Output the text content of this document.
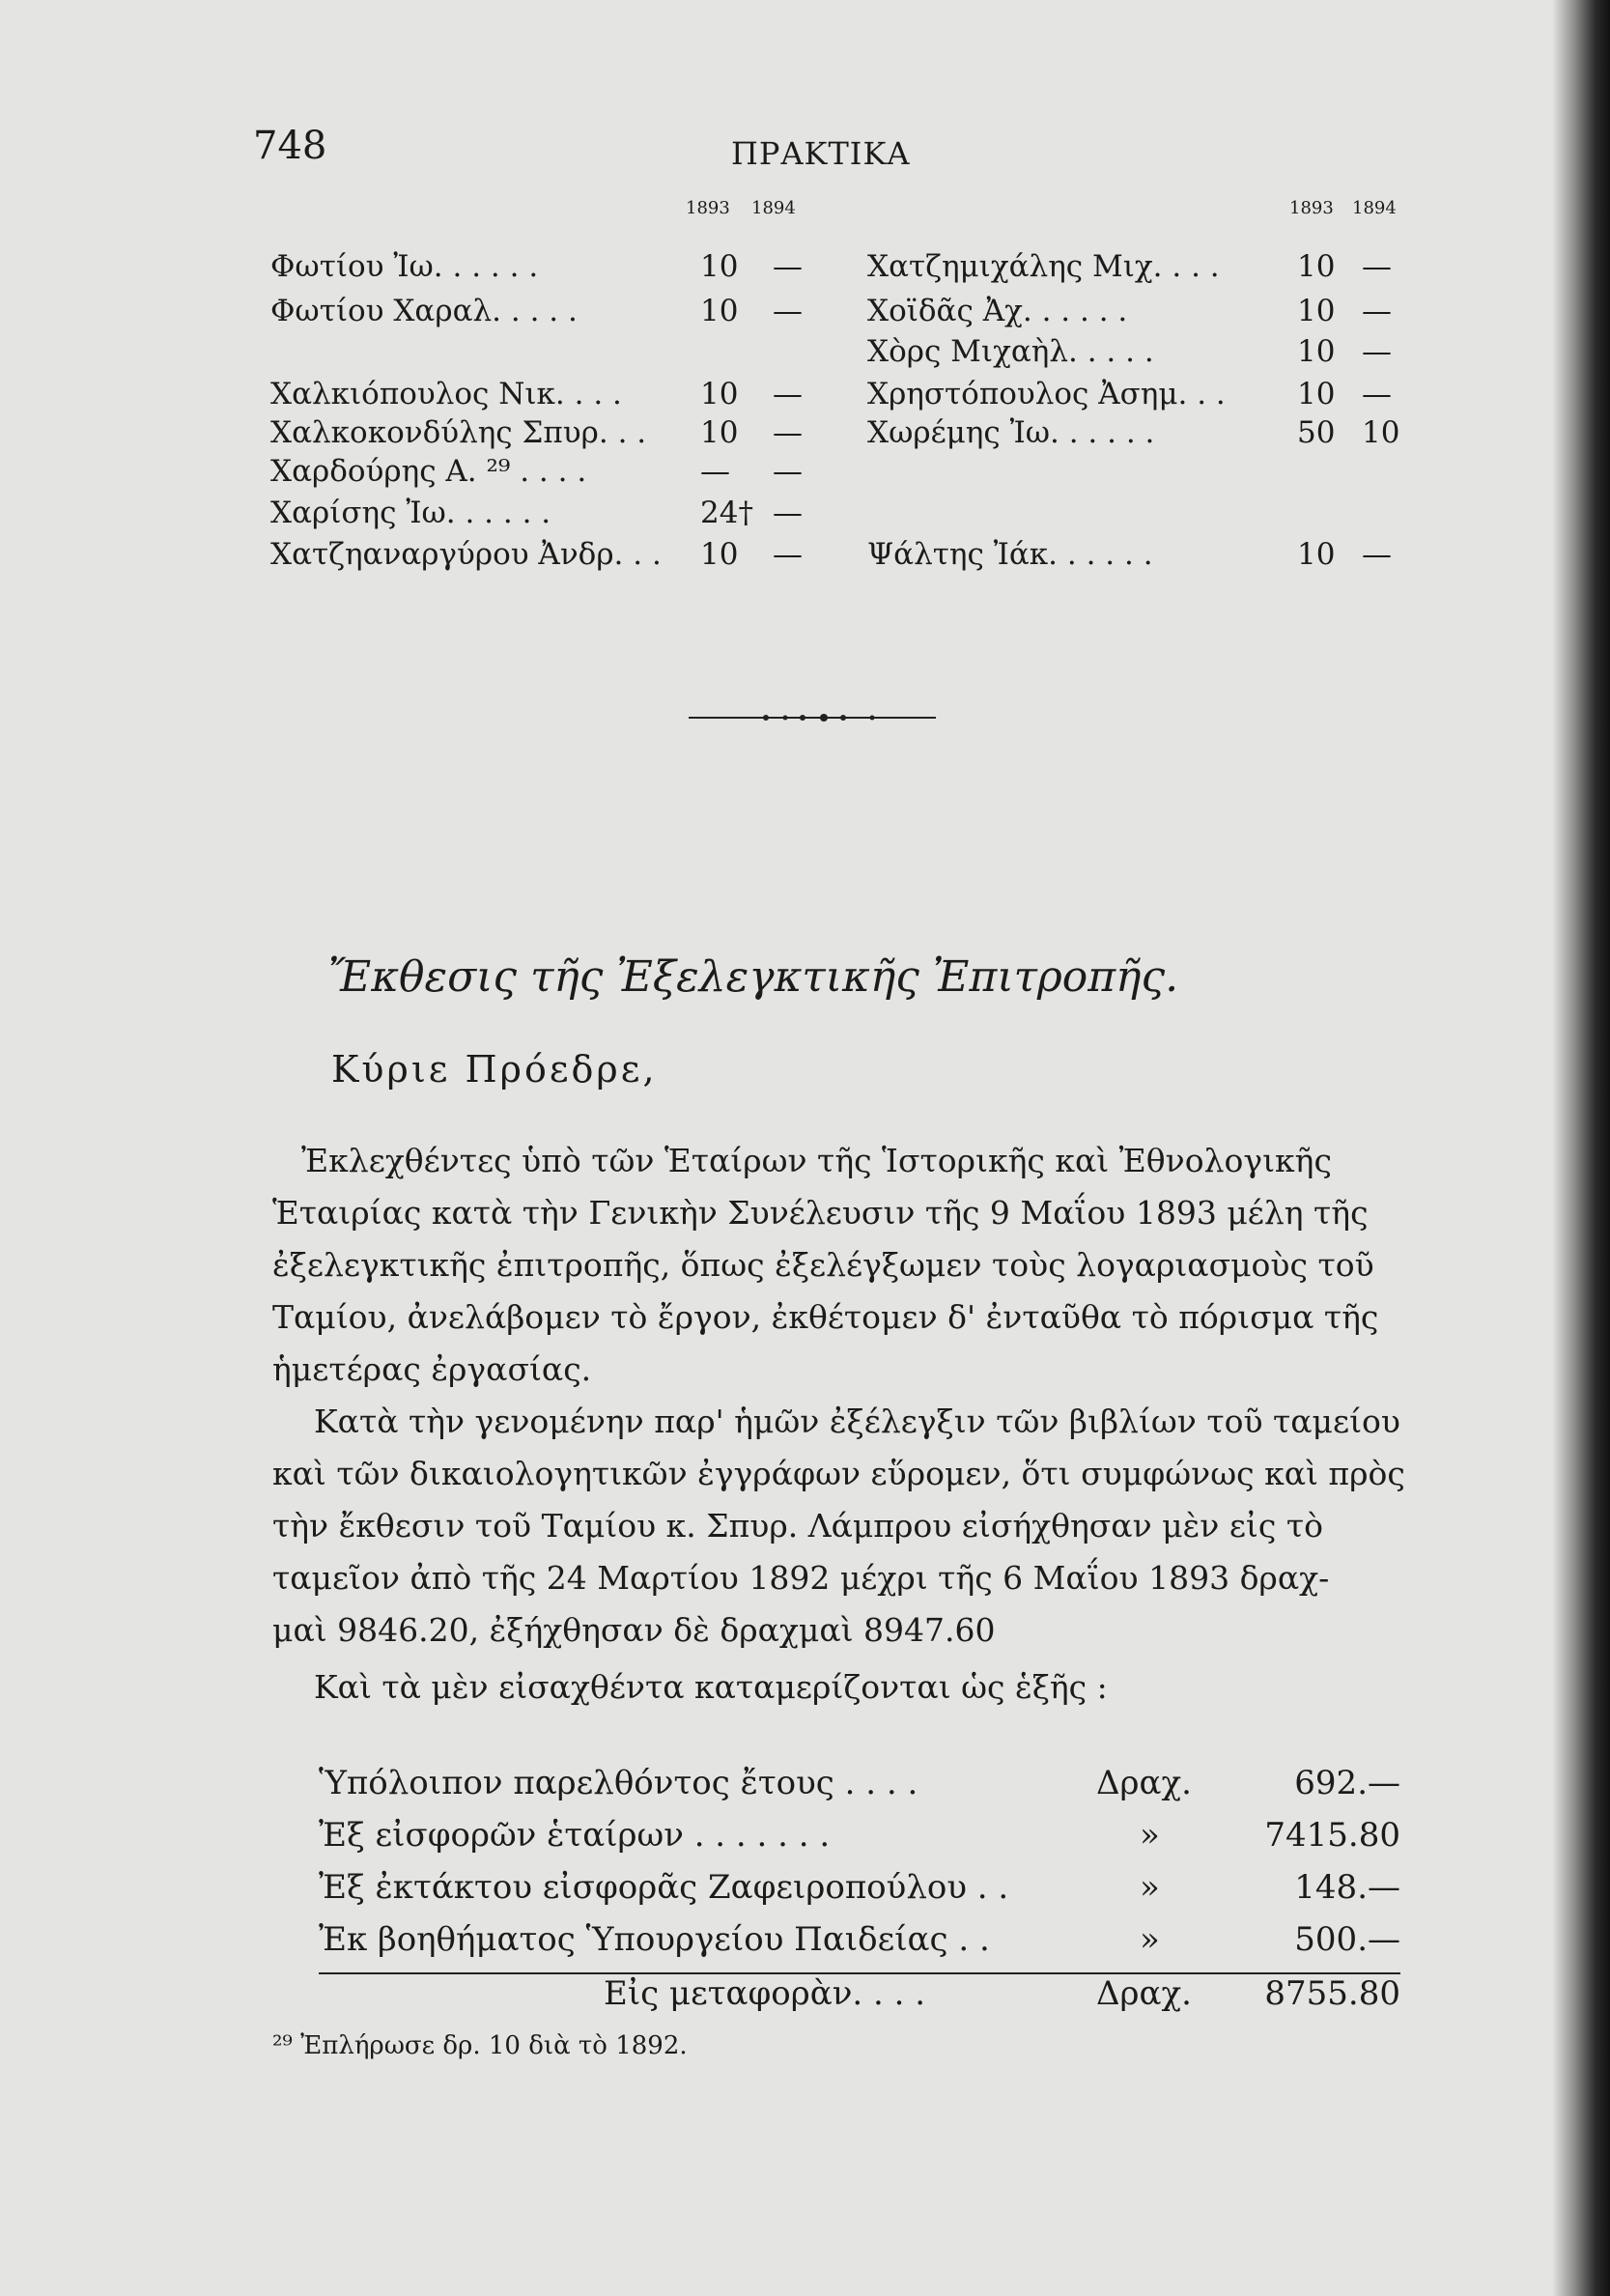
748	ΠΡΑΚΤΙΚΑ
1893 1894	1893 1894
Φωτίου Ἰω. . . . . .	10 —
Φωτίου Χαραλ. . . . .	10 —
Χαλκιόπουλος Νικ. . . .	10 —
Χαλκοκονδύλης Σπυρ. . . 10 —
Χαρδούρης Α. ²⁹ . . . .	— —
Χαρίσης Ἰω. . . . . .	24† —
Χατζηαναργύρου Ἀνδρ. . . 10 —
Χατζημιχάλης Μιχ. . . .	10 —
Χοϊδᾶς Ἀχ. . . . . .	10 —
Χὸρς Μιχαὴλ. . . . .	10 —
Χρηστόπουλος Ἀσημ. . . 10 —
Χωρέμης Ἰω. . . . . .	50 10
Ψάλτης Ἰάκ. . . . . .	10 —
Ἔκθεσις τῆς Ἐξελεγκτικῆς Ἐπιτροπῆς.
Κύριε Πρόεδρε,
Ἐκλεχθέντες ὑπὸ τῶν Ἑταίρων τῆς Ἱστορικῆς καὶ Ἐθνολογικῆς
Ἑταιρίας κατὰ τὴν Γενικὴν Συνέλευσιν τῆς 9 Μαΐου 1893 μέλη τῆς
ἐξελεγκτικῆς ἐπιτροπῆς, ὅπως ἐξελέγξωμεν τοὺς λογαριασμοὺς τοῦ
Ταμίου, ἀνελάβομεν τὸ ἔργον, ἐκθέτομεν δ' ἐνταῦθα τὸ πόρισμα τῆς
ἡμετέρας ἐργασίας.
Κατὰ τὴν γενομένην παρ' ἡμῶν ἐξέλεγξιν τῶν βιβλίων τοῦ ταμείου
καὶ τῶν δικαιολογητικῶν ἐγγράφων εὕρομεν, ὅτι συμφώνως καὶ πρὸς
τὴν ἔκθεσιν τοῦ Ταμίου κ. Σπυρ. Λάμπρου εἰσήχθησαν μὲν εἰς τὸ
ταμεῖον ἀπὸ τῆς 24 Μαρτίου 1892 μέχρι τῆς 6 Μαΐου 1893 δραχ-
μαὶ 9846.20, ἐξήχθησαν δὲ δραχμαὶ 8947.60
Καὶ τὰ μὲν εἰσαχθέντα καταμερίζονται ὡς ἑξῆς :
Ὑπόλοιπον παρελθόντος ἔτους . . . .	Δραχ.	692.—
Ἐξ εἰσφορῶν ἑταίρων . . . . . . .	»	7415.80
Ἐξ ἐκτάκτου εἰσφορᾶς Ζαφειροπούλου . .	»	148.—
Ἐκ βοηθήματος Ὑπουργείου Παιδείας . .	»	500.—
Εἰς μεταφορὰν. . . .	Δραχ. 8755.80
²⁹ Ἐπλήρωσε δρ. 10 διὰ τὸ 1892.
